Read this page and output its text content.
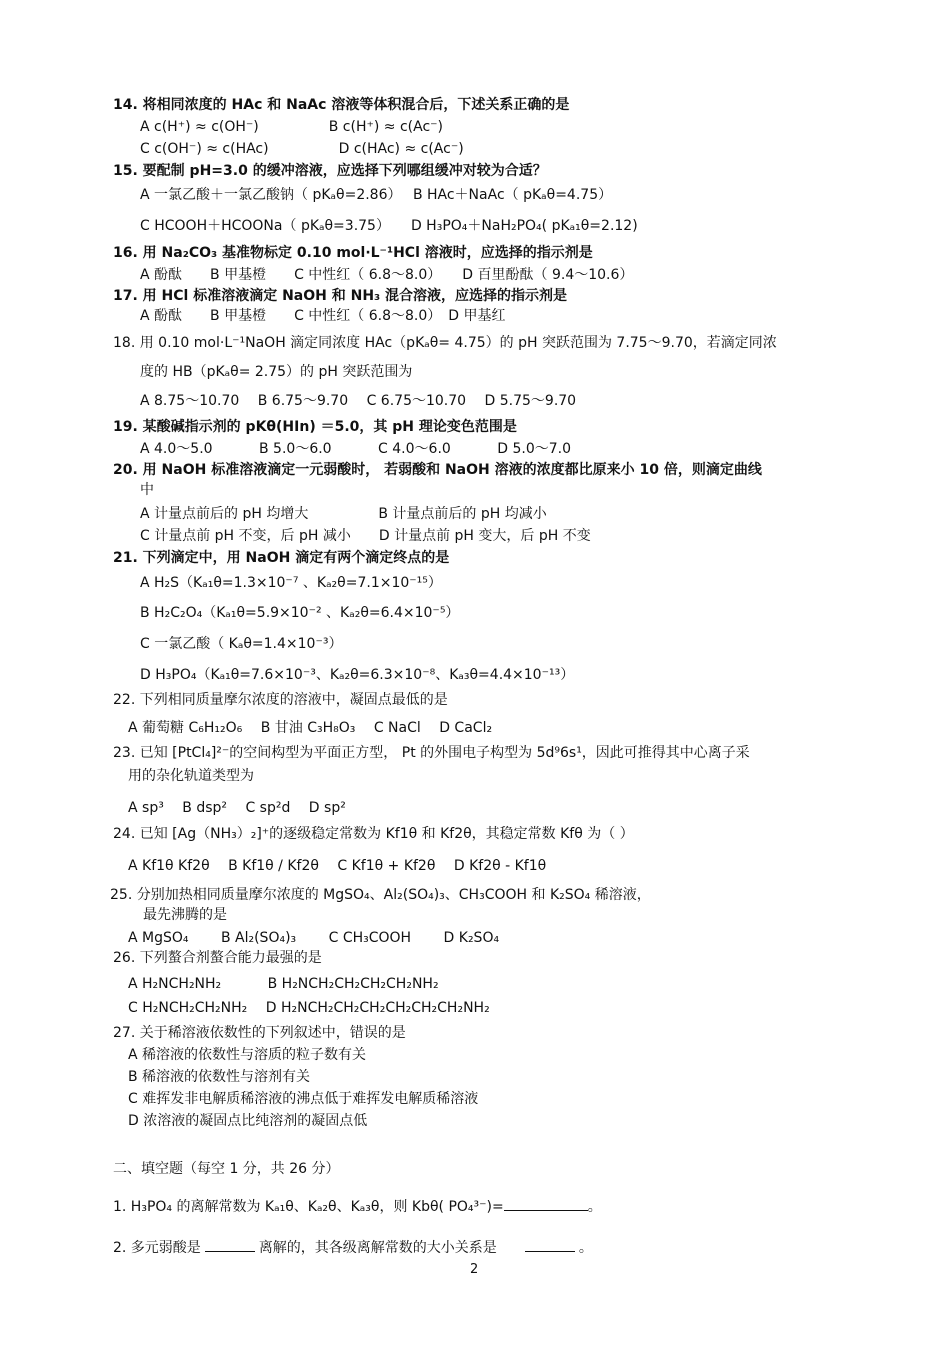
14. 将相同浓度的 HAc 和 NaAc 溶液等体积混合后，下述关系正确的是
A c(H⁺) ≈ c(OH⁻)　　　　　B c(H⁺) ≈ c(Ac⁻)
C c(OH⁻) ≈ c(HAc)　　　　　D c(HAc) ≈ c(Ac⁻)
15. 要配制 pH=3.0 的缓冲溶液，应选择下列哪组缓冲对较为合适？
A 一氯乙酸＋一氯乙酸钠（ pKₐθ=2.86）　 B HAc＋NaAc（ pKₐθ=4.75）
C HCOOH＋HCOONa（ pKₐθ=3.75）　　D H₃PO₄＋NaH₂PO₄( pKₐ₁θ=2.12)
16. 用 Na₂CO₃ 基准物标定 0.10 mol·L⁻¹HCl 溶液时，应选择的指示剂是
A 酚酞　　B 甲基橙　　C 中性红（ 6.8～8.0）　　D 百里酚酞（ 9.4～10.6）
17. 用 HCl 标准溶液滴定 NaOH 和 NH₃ 混合溶液，应选择的指示剂是
A 酚酞　　B 甲基橙　　C 中性红（ 6.8～8.0）　D 甲基红
18. 用 0.10 mol·L⁻¹NaOH 滴定同浓度 HAc（pKₐθ= 4.75）的 pH 突跃范围为 7.75～9.70，若滴定同浓
度的 HB（pKₐθ= 2.75）的 pH 突跃范围为
A 8.75～10.70　 B 6.75～9.70　 C 6.75～10.70　 D 5.75～9.70
19. 某酸碱指示剂的 pKθ(HIn) ＝5.0，其 pH 理论变色范围是
A 4.0～5.0　　　 B 5.0～6.0　　　 C 4.0～6.0　　　 D 5.0～7.0
20. 用 NaOH 标准溶液滴定一元弱酸时， 若弱酸和 NaOH 溶液的浓度都比原来小 10 倍，则滴定曲线
中
A 计量点前后的 pH 均增大　　　　　B 计量点前后的 pH 均减小
C 计量点前 pH 不变，后 pH 减小　　D 计量点前 pH 变大，后 pH 不变
21. 下列滴定中，用 NaOH 滴定有两个滴定终点的是
A H₂S（Kₐ₁θ=1.3×10⁻⁷ 、Kₐ₂θ=7.1×10⁻¹⁵）
B H₂C₂O₄（Kₐ₁θ=5.9×10⁻² 、Kₐ₂θ=6.4×10⁻⁵）
C 一氯乙酸（ Kₐθ=1.4×10⁻³）
D H₃PO₄（Kₐ₁θ=7.6×10⁻³、Kₐ₂θ=6.3×10⁻⁸、Kₐ₃θ=4.4×10⁻¹³）
22. 下列相同质量摩尔浓度的溶液中，凝固点最低的是
A 葡萄糖 C₆H₁₂O₆　 B 甘油 C₃H₈O₃　 C NaCl　 D CaCl₂
23. 已知 [PtCl₄]²⁻的空间构型为平面正方型， Pt 的外围电子构型为 5d⁹6s¹，因此可推得其中心离子采
用的杂化轨道类型为
A sp³　 B dsp²　 C sp²d　 D sp²
24. 已知 [Ag（NH₃）₂]⁺的逐级稳定常数为 Kf1θ 和 Kf2θ，其稳定常数 Kfθ 为（ ）
A Kf1θ Kf2θ　 B Kf1θ / Kf2θ　 C Kf1θ + Kf2θ　 D Kf2θ - Kf1θ
25. 分别加热相同质量摩尔浓度的 MgSO₄、Al₂(SO₄)₃、CH₃COOH 和 K₂SO₄ 稀溶液，
最先沸腾的是
A MgSO₄　　 B Al₂(SO₄)₃　　 C CH₃COOH　　 D K₂SO₄
26. 下列螯合剂螯合能力最强的是
A H₂NCH₂NH₂　　　 B H₂NCH₂CH₂CH₂CH₂NH₂
C H₂NCH₂CH₂NH₂　 D H₂NCH₂CH₂CH₂CH₂CH₂CH₂NH₂
27. 关于稀溶液依数性的下列叙述中，错误的是
A 稀溶液的依数性与溶质的粒子数有关
B 稀溶液的依数性与溶剂有关
C 难挥发非电解质稀溶液的沸点低于难挥发电解质稀溶液
D 浓溶液的凝固点比纯溶剂的凝固点低
二、填空题（每空 1 分，共 26 分）
1. H₃PO₄ 的离解常数为 Kₐ₁θ、Kₐ₂θ、Kₐ₃θ，则 Kbθ( PO₄³⁻)=	。
2. 多元弱酸是	离解的，其各级离解常数的大小关系是	。
2
